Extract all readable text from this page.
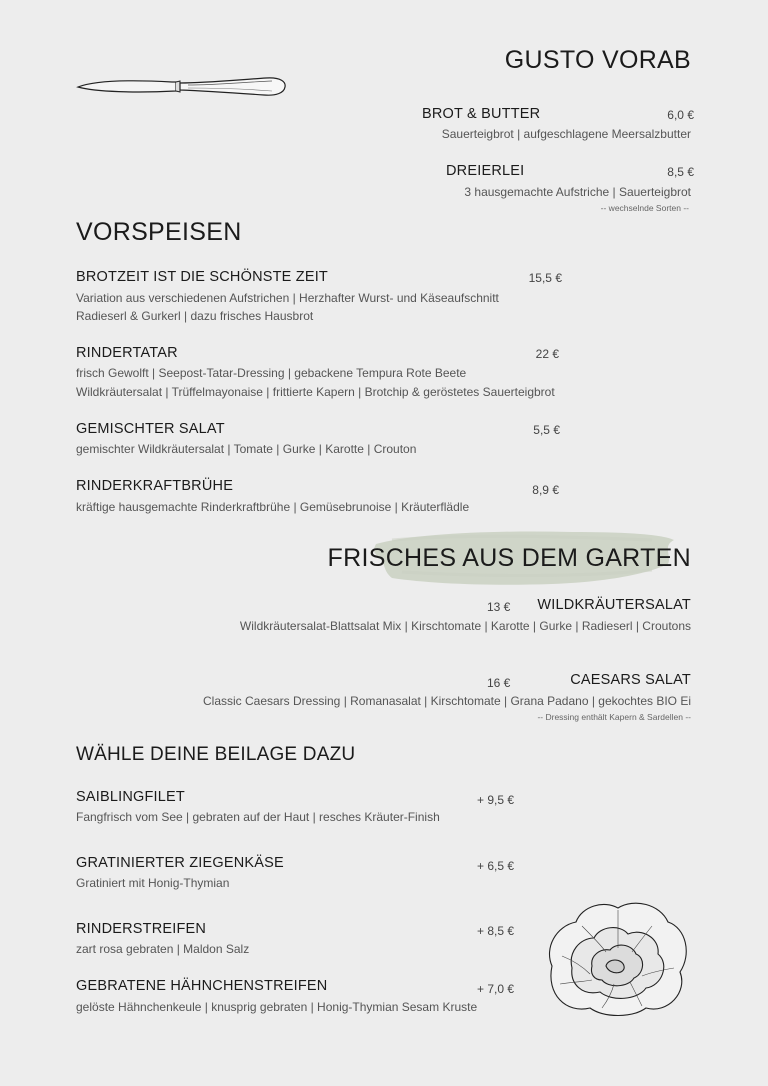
GUSTO VORAB
BROT & BUTTER	6,0 €
Sauerteigbrot | aufgeschlagene Meersalzbutter
DREIERLEI	8,5 €
3 hausgemachte Aufstriche | Sauerteigbrot
-- wechselnde Sorten --
VORSPEISEN
BROTZEIT IST DIE SCHÖNSTE ZEIT	15,5 €
Variation aus verschiedenen Aufstrichen | Herzhafter Wurst- und Käseaufschnitt
Radieserl & Gurkerl | dazu frisches Hausbrot
RINDERTATAR	22 €
frisch Gewolft | Seepost-Tatar-Dressing | gebackene Tempura Rote Beete
Wildkräutersalat | Trüffelmayonaise | frittierte Kapern | Brotchip & geröstetes Sauerteigbrot
GEMISCHTER SALAT	5,5 €
gemischter Wildkräutersalat | Tomate | Gurke | Karotte | Crouton
RINDERKRAFTBRÜHE	8,9 €
kräftige hausgemachte Rinderkraftbrühe | Gemüsebrunoise | Kräuterflädle
FRISCHES AUS DEM GARTEN
13 € WILDKRÄUTERSALAT
Wildkräutersalat-Blattsalat Mix | Kirschtomate | Karotte | Gurke | Radieserl | Croutons
16 €	CAESARS SALAT
Classic Caesars Dressing | Romanasalat | Kirschtomate | Grana Padano | gekochtes BIO Ei
-- Dressing enthält Kapern & Sardellen --
WÄHLE DEINE BEILAGE DAZU
SAIBLINGFILET	+ 9,5 €
Fangfrisch vom See | gebraten auf der Haut | resches Kräuter-Finish
GRATINIERTER ZIEGENKÄSE	+ 6,5 €
Gratiniert mit Honig-Thymian
RINDERSTREIFEN	+ 8,5 €
zart rosa gebraten | Maldon Salz
GEBRATENE HÄHNCHENSTREIFEN	+ 7,0 €
gelöste Hähnchenkeule | knusprig gebraten | Honig-Thymian Sesam Kruste
